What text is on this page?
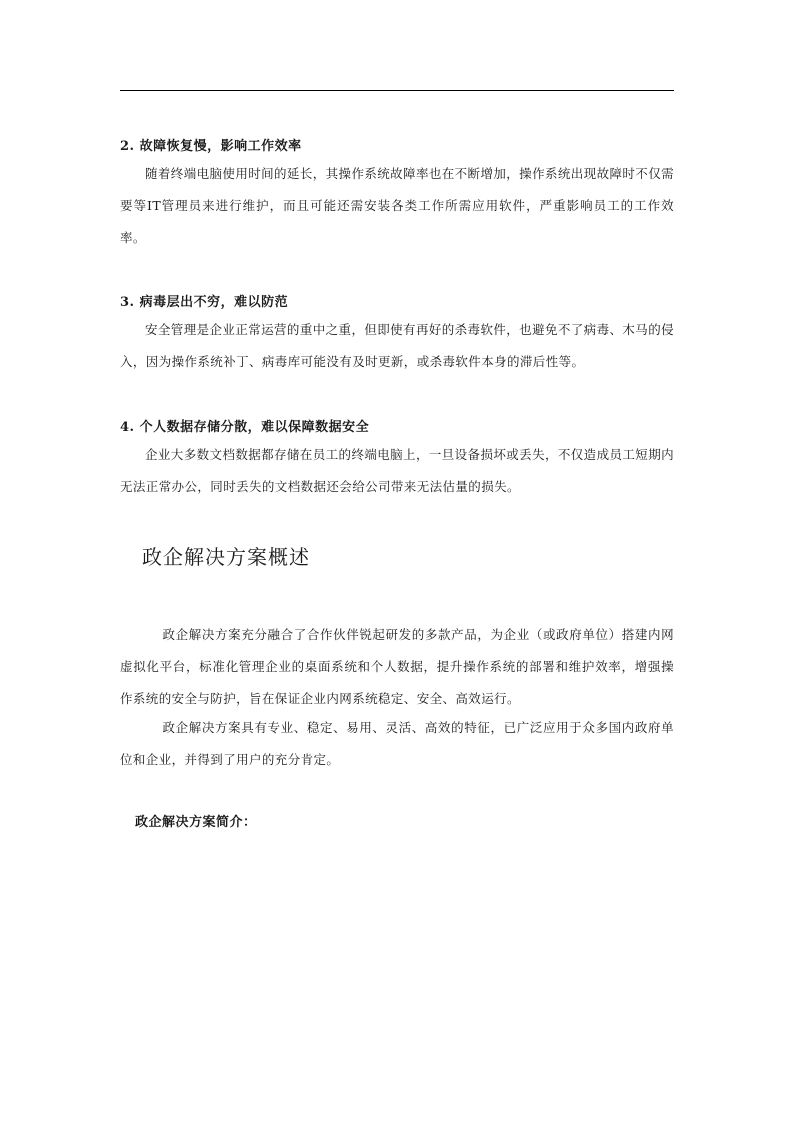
2. 故障恢复慢，影响工作效率
随着终端电脑使用时间的延长，其操作系统故障率也在不断增加，操作系统出现故障时不仅需要等IT管理员来进行维护，而且可能还需安装各类工作所需应用软件，严重影响员工的工作效率。
3. 病毒层出不穷，难以防范
安全管理是企业正常运营的重中之重，但即使有再好的杀毒软件，也避免不了病毒、木马的侵入，因为操作系统补丁、病毒库可能没有及时更新，或杀毒软件本身的滞后性等。
4. 个人数据存储分散，难以保障数据安全
企业大多数文档数据都存储在员工的终端电脑上，一旦设备损坏或丢失，不仅造成员工短期内无法正常办公，同时丢失的文档数据还会给公司带来无法估量的损失。
政企解决方案概述
政企解决方案充分融合了合作伙伴锐起研发的多款产品，为企业（或政府单位）搭建内网虚拟化平台，标准化管理企业的桌面系统和个人数据，提升操作系统的部署和维护效率，增强操作系统的安全与防护，旨在保证企业内网系统稳定、安全、高效运行。
政企解决方案具有专业、稳定、易用、灵活、高效的特征，已广泛应用于众多国内政府单位和企业，并得到了用户的充分肯定。
政企解决方案简介：
